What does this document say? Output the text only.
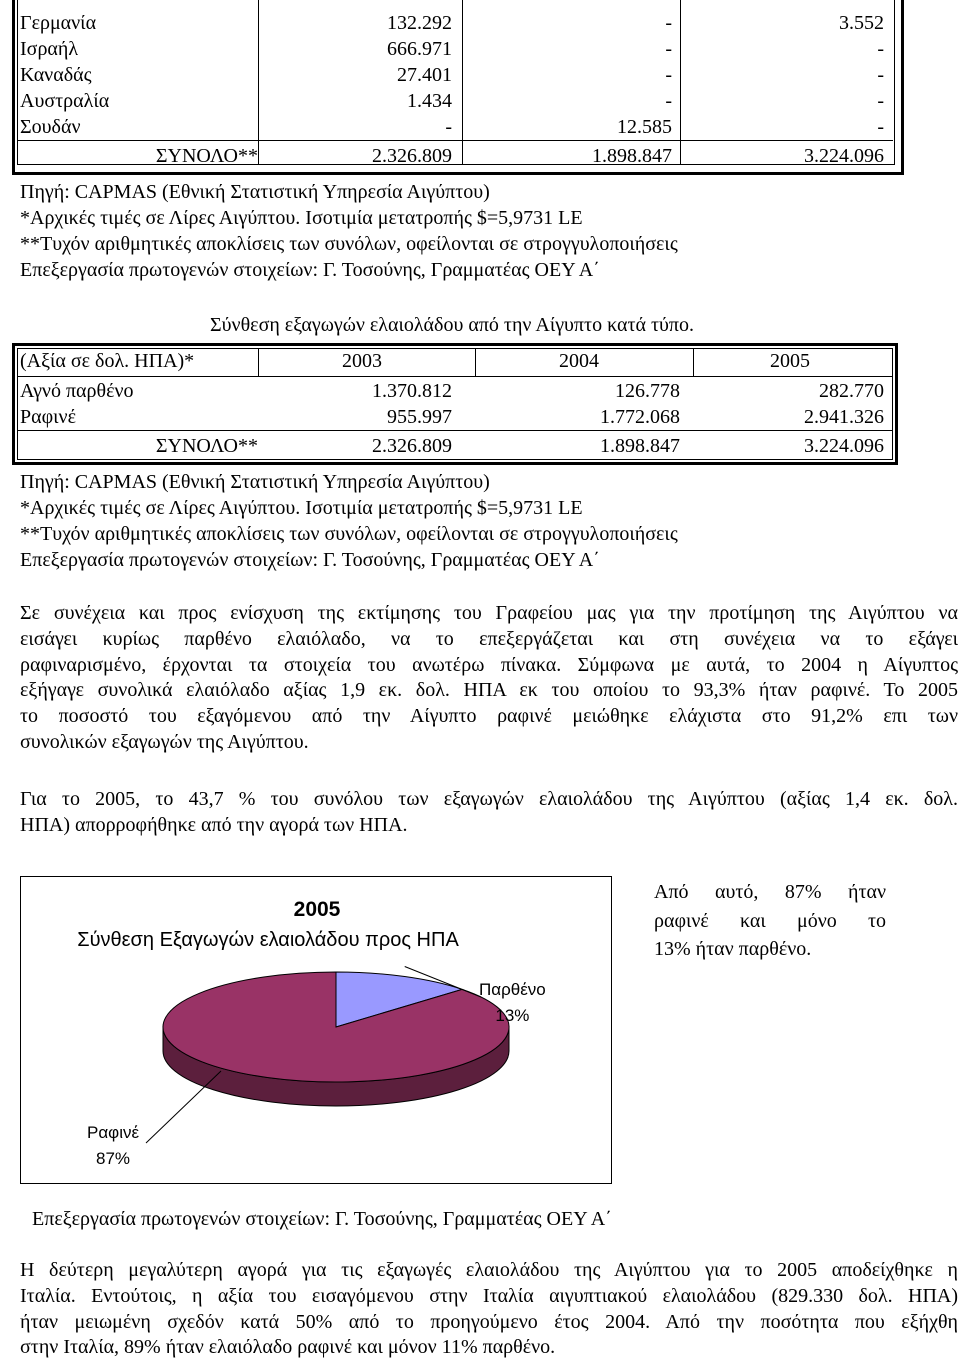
Γερμανία	132.292	-	3.552
Ισραήλ	666.971	-	-
Καναδάς	27.401	-	-
Αυστραλία	1.434	-	-
Σουδάν	-	12.585	-
ΣΥΝΟΛΟ**	2.326.809	1.898.847	3.224.096
Πηγή: CAPMAS (Εθνική Στατιστική Υπηρεσία Αιγύπτου)
*Αρχικές τιμές σε Λίρες Αιγύπτου. Ισοτιμία μετατροπής $=5,9731 LE
**Τυχόν αριθμητικές αποκλίσεις των συνόλων, οφείλονται σε στρογγυλοποιήσεις
Επεξεργασία πρωτογενών στοιχείων: Γ. Τοσούνης, Γραμματέας ΟΕΥ Α΄
Σύνθεση εξαγωγών ελαιολάδου από την Αίγυπτο κατά τύπο.
(Αξία σε δολ. ΗΠΑ)*	2003	2004	2005
Αγνό παρθένο	1.370.812	126.778	282.770
Ραφινέ	955.997	1.772.068	2.941.326
ΣΥΝΟΛΟ**	2.326.809	1.898.847	3.224.096
Πηγή: CAPMAS (Εθνική Στατιστική Υπηρεσία Αιγύπτου)
*Αρχικές τιμές σε Λίρες Αιγύπτου. Ισοτιμία μετατροπής $=5,9731 LE
**Τυχόν αριθμητικές αποκλίσεις των συνόλων, οφείλονται σε στρογγυλοποιήσεις
Επεξεργασία πρωτογενών στοιχείων: Γ. Τοσούνης, Γραμματέας ΟΕΥ Α΄
Σε συνέχεια και προς ενίσχυση της εκτίμησης του Γραφείου μας για την προτίμηση της Αιγύπτου να
εισάγει κυρίως παρθένο ελαιόλαδο, να το επεξεργάζεται και στη συνέχεια να το εξάγει
ραφιναρισμένο, έρχονται τα στοιχεία του ανωτέρω πίνακα. Σύμφωνα με αυτά, το 2004 η Αίγυπτος
εξήγαγε συνολικά ελαιόλαδο αξίας 1,9 εκ. δολ. ΗΠΑ εκ του οποίου το 93,3% ήταν ραφινέ. Το 2005
το ποσοστό του εξαγόμενου από την Αίγυπτο ραφινέ μειώθηκε ελάχιστα στο 91,2% επι των
συνολικών εξαγωγών της Αιγύπτου.
Για το 2005, το 43,7 % του συνόλου των εξαγωγών ελαιολάδου της Αιγύπτου (αξίας 1,4 εκ. δολ.
ΗΠΑ) απορροφήθηκε από την αγορά των ΗΠΑ.
2005
Σύνθεση Εξαγωγών ελαιολάδου προς ΗΠΑ
Παρθένο
13%
Ραφινέ
87%
Από αυτό, 87% ήταν
ραφινέ και μόνο το
13% ήταν παρθένο.
Επεξεργασία πρωτογενών στοιχείων: Γ. Τοσούνης, Γραμματέας ΟΕΥ Α΄
Η δεύτερη μεγαλύτερη αγορά για τις εξαγωγές ελαιολάδου της Αιγύπτου για το 2005 αποδείχθηκε η
Ιταλία. Εντούτοις, η αξία του εισαγόμενου στην Ιταλία αιγυπτιακού ελαιολάδου (829.330 δολ. ΗΠΑ)
ήταν μειωμένη σχεδόν κατά 50% από το προηγούμενο έτος 2004. Από την ποσότητα που εξήχθη
στην Ιταλία, 89% ήταν ελαιόλαδο ραφινέ και μόνον 11% παρθένο.
